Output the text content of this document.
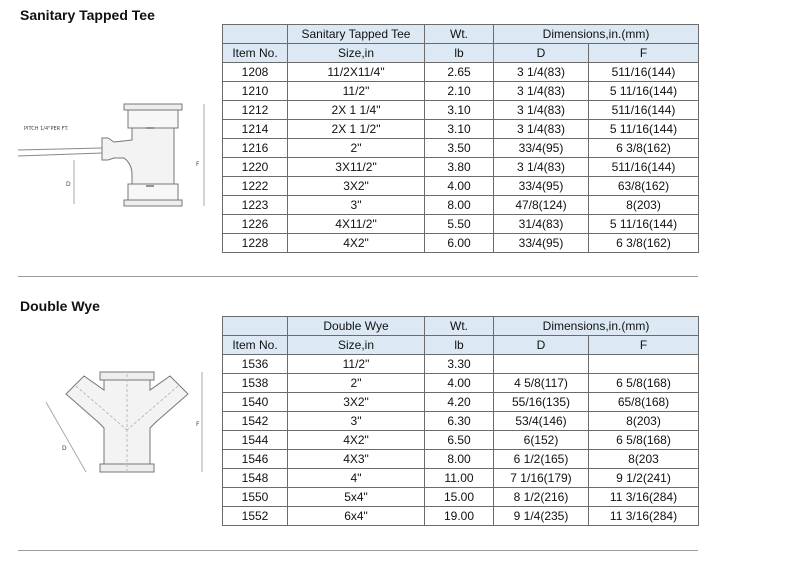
Sanitary Tapped Tee
PITCH 1/4"PER FT.
D
F
	Sanitary Tapped Tee	Wt.	Dimensions,in.(mm)	
Item No.	Size,in	lb	D	F
1208	11/2X11/4"	2.65	3 1/4(83)	511/16(144)
1210	11/2"	2.10	3 1/4(83)	5 11/16(144)
1212	2X 1 1/4"	3.10	3 1/4(83)	511/16(144)
1214	2X 1 1/2"	3.10	3 1/4(83)	5 11/16(144)
1216	2"	3.50	33/4(95)	6 3/8(162)
1220	3X11/2"	3.80	3 1/4(83)	511/16(144)
1222	3X2"	4.00	33/4(95)	63/8(162)
1223	3"	8.00	47/8(124)	8(203)
1226	4X11/2"	5.50	31/4(83)	5 11/16(144)
1228	4X2"	6.00	33/4(95)	6 3/8(162)
Double Wye
D
F
	Double Wye	Wt.	Dimensions,in.(mm)	
Item No.	Size,in	lb	D	F
1536	11/2"	3.30		
1538	2"	4.00	4 5/8(117)	6 5/8(168)
1540	3X2"	4.20	55/16(135)	65/8(168)
1542	3"	6.30	53/4(146)	8(203)
1544	4X2"	6.50	6(152)	6 5/8(168)
1546	4X3"	8.00	6 1/2(165)	8(203
1548	4"	11.00	7 1/16(179)	9 1/2(241)
1550	5x4"	15.00	8 1/2(216)	11 3/16(284)
1552	6x4"	19.00	9 1/4(235)	11 3/16(284)
